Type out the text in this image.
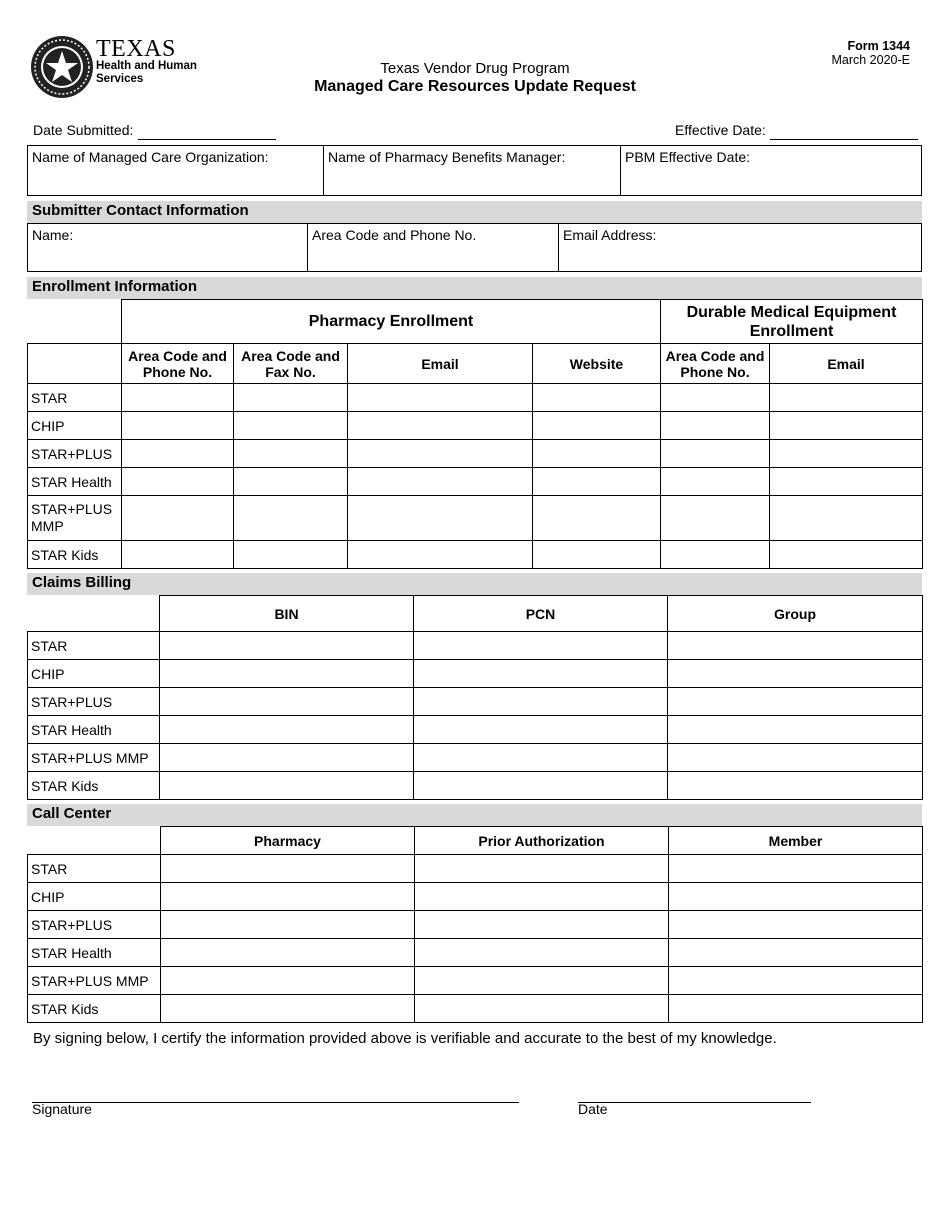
TEXAS
Health and Human
Services
Texas Vendor Drug Program
Managed Care Resources Update Request
Form 1344
March 2020-E
Date Submitted:	Effective Date:
Name of Managed Care Organization:	Name of Pharmacy Benefits Manager:	PBM Effective Date:
Submitter Contact Information
Name:	Area Code and Phone No.	Email Address:
Enrollment Information
	Pharmacy Enrollment				Durable Medical Equipment Enrollment	
	Area Code and Phone No.	Area Code and Fax No.	Email	Website	Area Code and Phone No.	Email
STAR						
CHIP						
STAR+PLUS						
STAR Health						
STAR+PLUS MMP						
STAR Kids						
Claims Billing
	BIN	PCN	Group
STAR			
CHIP			
STAR+PLUS			
STAR Health			
STAR+PLUS MMP			
STAR Kids			
Call Center
	Pharmacy	Prior Authorization	Member
STAR			
CHIP			
STAR+PLUS			
STAR Health			
STAR+PLUS MMP			
STAR Kids			
By signing below, I certify the information provided above is verifiable and accurate to the best of my knowledge.
Signature	Date
